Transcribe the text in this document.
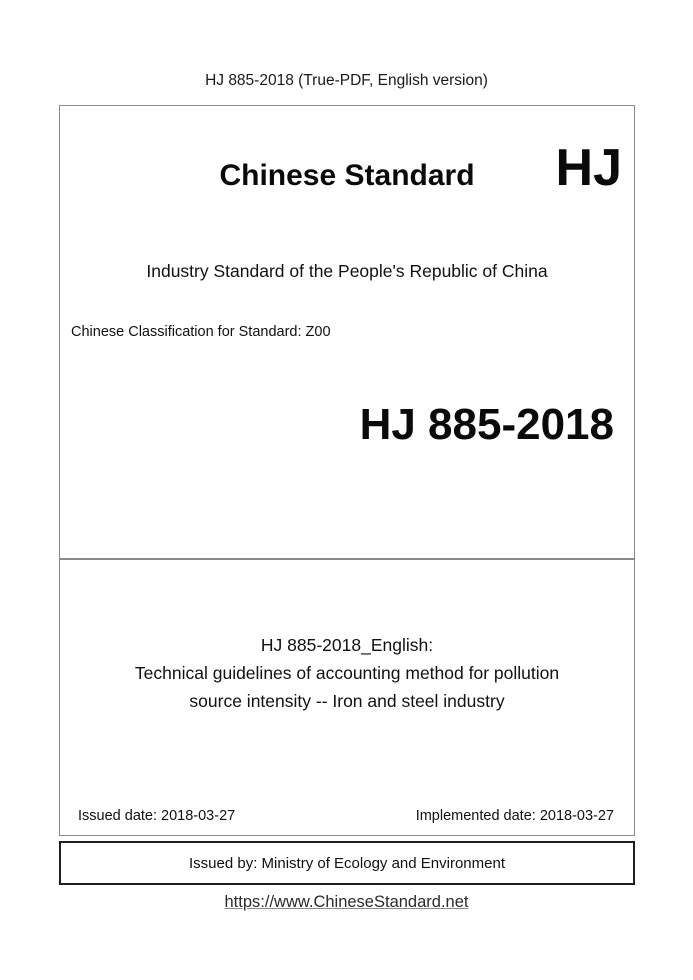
HJ 885-2018 (True-PDF, English version)
Chinese Standard	HJ
Industry Standard of the People's Republic of China
Chinese Classification for Standard: Z00
HJ 885-2018
HJ 885-2018_English:
Technical guidelines of accounting method for pollution
source intensity -- Iron and steel industry
Issued date: 2018-03-27	Implemented date: 2018-03-27
Issued by: Ministry of Ecology and Environment
https://www.ChineseStandard.net
